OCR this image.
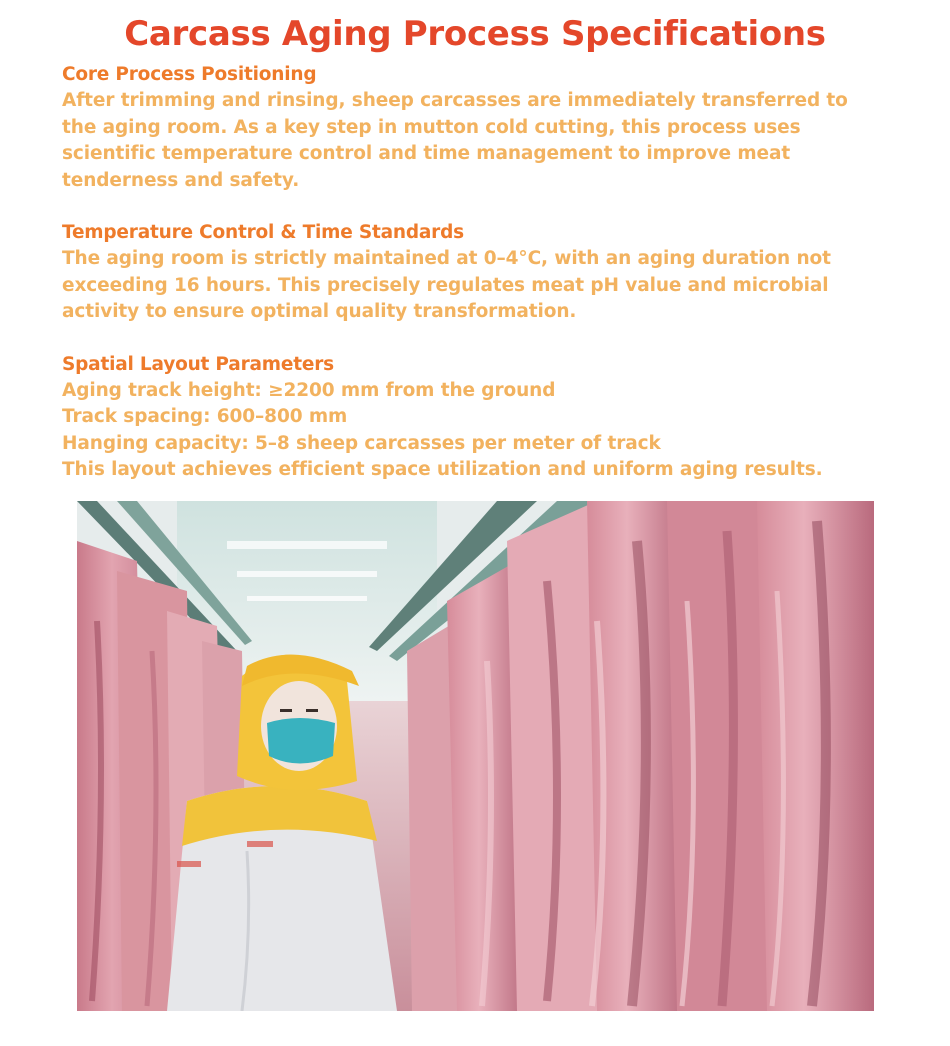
Carcass Aging Process Specifications
Core Process Positioning

After trimming and rinsing, sheep carcasses are immediately transferred to the aging room. As a key step in mutton cold cutting, this process uses scientific temperature control and time management to improve meat tenderness and safety.

Temperature Control & Time Standards

The aging room is strictly maintained at 0–4°C, with an aging duration not exceeding 16 hours. This precisely regulates meat pH value and microbial activity to ensure optimal quality transformation.

Spatial Layout Parameters
Aging track height: ≥2200 mm from the ground
Track spacing: 600–800 mm
Hanging capacity: 5–8 sheep carcasses per meter of track
This layout achieves efficient space utilization and uniform aging results.
